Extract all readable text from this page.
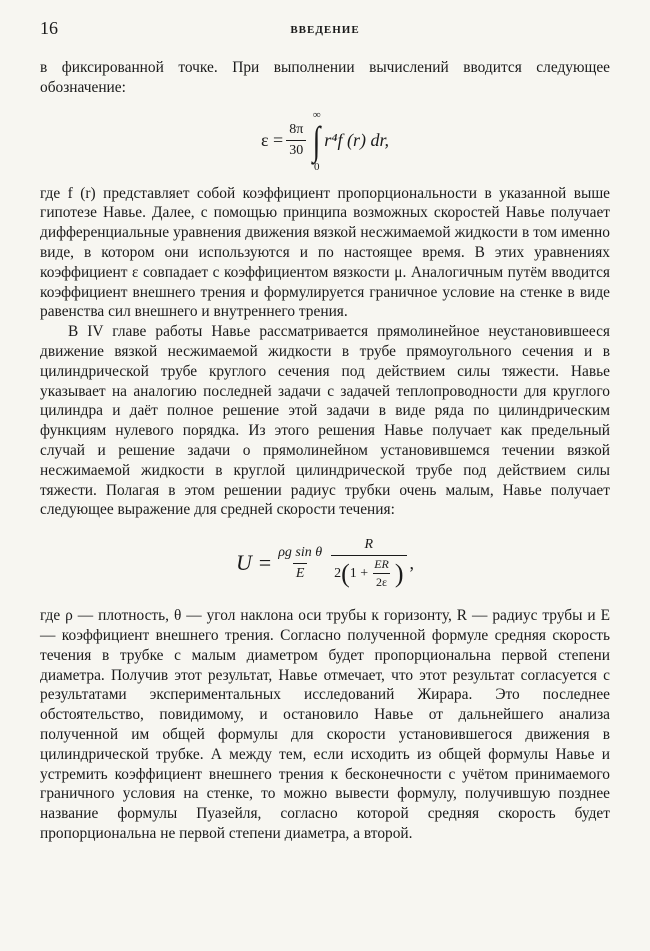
16	ВВЕДЕНИЕ

в фиксированной точке. При выполнении вычислений вводится следующее обозначение:

$\varepsilon = \frac{8\pi}{30}$
∞
∫
0
r⁴f (r) dr,

где f (r) представляет собой коэффициент пропорциональности в указанной выше гипотезе Навье. Далее, с помощью принципа возможных скоростей Навье получает дифференциальные уравнения движения вязкой несжимаемой жидкости в том именно виде, в котором они используются и по настоящее время. В этих уравнениях коэффициент ε совпадает с коэффициентом вязкости μ. Аналогичным путём вводится коэффициент внешнего трения и формулируется граничное условие на стенке в виде равенства сил внешнего и внутреннего трения.

В IV главе работы Навье рассматривается прямолинейное неустановившееся движение вязкой несжимаемой жидкости в трубе прямоугольного сечения и в цилиндрической трубе круглого сечения под действием силы тяжести. Навье указывает на аналогию последней задачи с задачей теплопроводности для круглого цилиндра и даёт полное решение этой задачи в виде ряда по цилиндрическим функциям нулевого порядка. Из этого решения Навье получает как предельный случай и решение задачи о прямолинейном установившемся течении вязкой несжимаемой жидкости в круглой цилиндрической трубе под действием силы тяжести. Полагая в этом решении радиус трубки очень малым, Навье получает следующее выражение для средней скорости течения:

$U = \frac{\text{ρg sin θ}}{E}$	R
2 ( $1 + \frac{ER}{2\varepsilon}$ ) ,

где ρ — плотность, θ — угол наклона оси трубы к горизонту, R — радиус трубы и E — коэффициент внешнего трения. Согласно полученной формуле средняя скорость течения в трубке с малым диаметром будет пропорциональна первой степени диаметра. Получив этот результат, Навье отмечает, что этот результат согласуется с результатами экспериментальных исследований Жирара. Это последнее обстоятельство, повидимому, и остановило Навье от дальнейшего анализа полученной им общей формулы для скорости установившегося движения в цилиндрической трубке. А между тем, если исходить из общей формулы Навье и устремить коэффициент внешнего трения к бесконечности с учётом принимаемого граничного условия на стенке, то можно вывести формулу, получившую позднее название формулы Пуазейля, согласно которой средняя скорость будет пропорциональна не первой степени диаметра, а второй.
